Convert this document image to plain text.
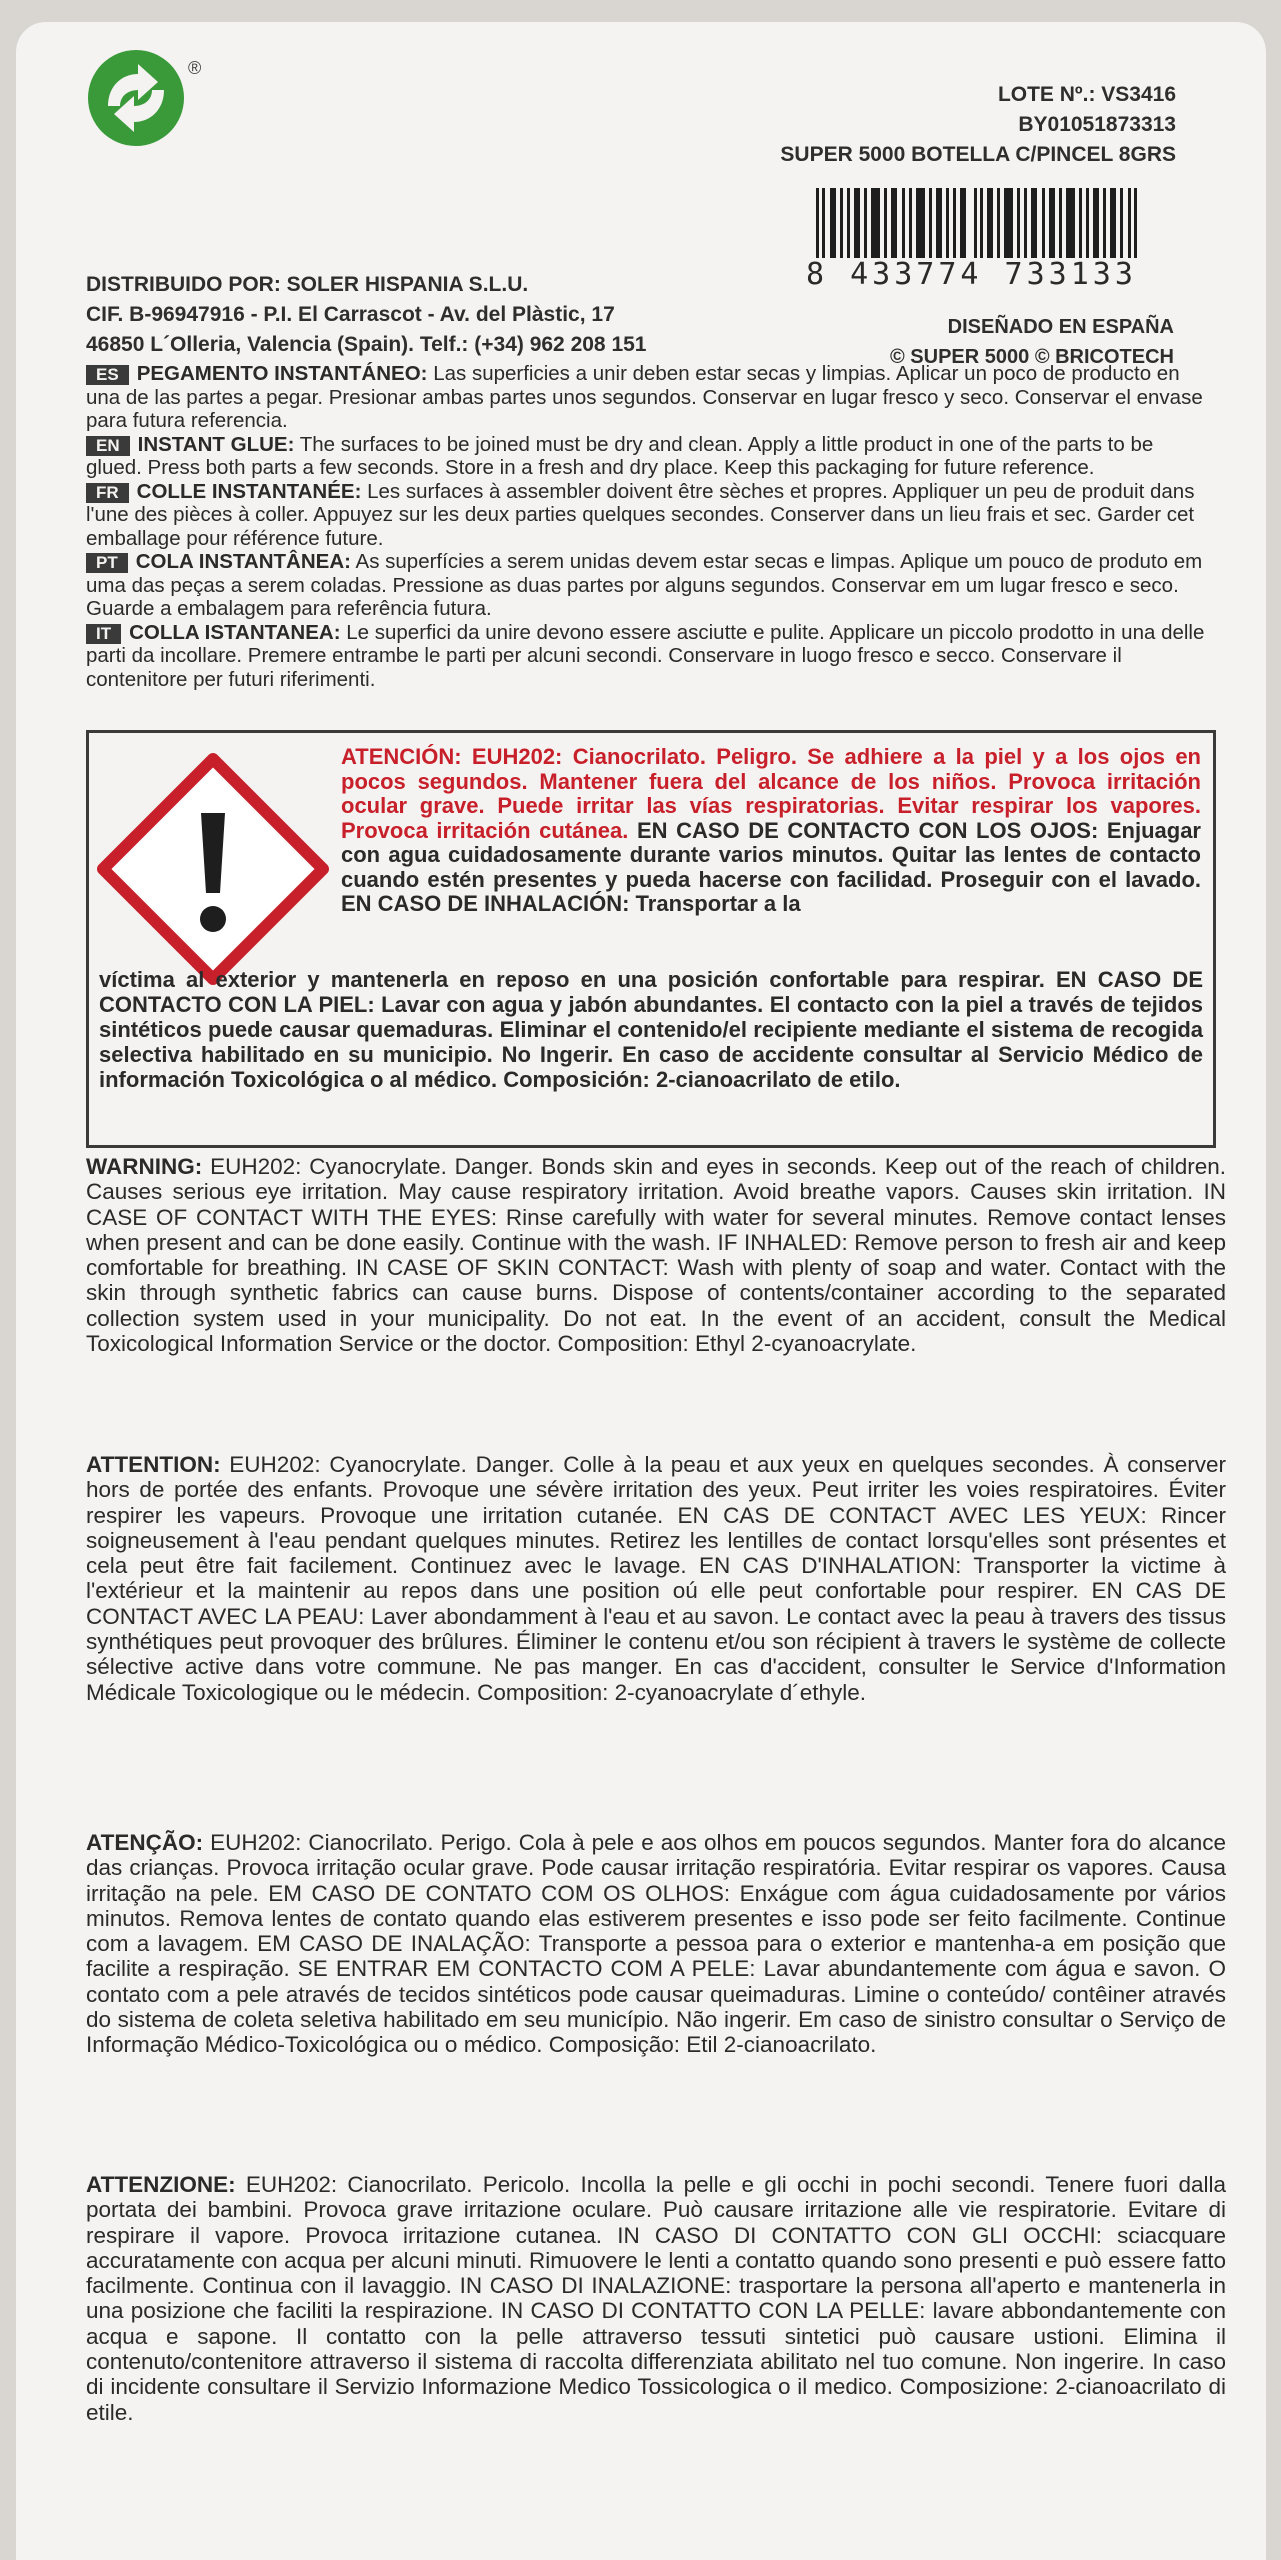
®
LOTE Nº.: VS3416
BY01051873313
SUPER 5000 BOTELLA C/PINCEL 8GRS
8 433774 733133
DISTRIBUIDO POR: SOLER HISPANIA S.L.U.
CIF. B-96947916 - P.I. El Carrascot - Av. del Plàstic, 17
46850 L´Olleria, Valencia (Spain). Telf.: (+34) 962 208 151
DISEÑADO EN ESPAÑA
© SUPER 5000 © BRICOTECH

ES PEGAMENTO INSTANTÁNEO: Las superficies a unir deben estar secas y limpias. Aplicar un poco de producto en una de las partes a pegar. Presionar ambas partes unos segundos. Conservar en lugar fresco y seco. Conservar el envase para futura referencia.

EN INSTANT GLUE: The surfaces to be joined must be dry and clean. Apply a little product in one of the parts to be glued. Press both parts a few seconds. Store in a fresh and dry place. Keep this packaging for future reference.

FR COLLE INSTANTANÉE: Les surfaces à assembler doivent être sèches et propres. Appliquer un peu de produit dans l'une des pièces à coller. Appuyez sur les deux parties quelques secondes. Conserver dans un lieu frais et sec. Garder cet emballage pour référence future.

PT COLA INSTANTÂNEA: As superfícies a serem unidas devem estar secas e limpas. Aplique um pouco de produto em uma das peças a serem coladas. Pressione as duas partes por alguns segundos. Conservar em um lugar fresco e seco. Guarde a embalagem para referência futura.

IT COLLA ISTANTANEA: Le superfici da unire devono essere asciutte e pulite. Applicare un piccolo prodotto in una delle parti da incollare. Premere entrambe le parti per alcuni secondi. Conservare in luogo fresco e secco. Conservare il contenitore per futuri riferimenti.

ATENCIÓN: EUH202: Cianocrilato. Peligro. Se adhiere a la piel y a los ojos en pocos segundos. Mantener fuera del alcance de los niños. Provoca irritación ocular grave. Puede irritar las vías respiratorias. Evitar respirar los vapores. Provoca irritación cutánea. EN CASO DE CONTACTO CON LOS OJOS: Enjuagar con agua cuidadosamente durante varios minutos. Quitar las lentes de contacto cuando estén presentes y pueda hacerse con facilidad. Proseguir con el lavado. EN CASO DE INHALACIÓN: Transportar a la
víctima al exterior y mantenerla en reposo en una posición confortable para respirar. EN CASO DE CONTACTO CON LA PIEL: Lavar con agua y jabón abundantes. El contacto con la piel a través de tejidos sintéticos puede causar quemaduras. Eliminar el contenido/el recipiente mediante el sistema de recogida selectiva habilitado en su municipio. No Ingerir. En caso de accidente consultar al Servicio Médico de información Toxicológica o al médico. Composición: 2-cianoacrilato de etilo.
WARNING: EUH202: Cyanocrylate. Danger. Bonds skin and eyes in seconds. Keep out of the reach of children. Causes serious eye irritation. May cause respiratory irritation. Avoid breathe vapors. Causes skin irritation. IN CASE OF CONTACT WITH THE EYES: Rinse carefully with water for several minutes. Remove contact lenses when present and can be done easily. Continue with the wash. IF INHALED: Remove person to fresh air and keep comfortable for breathing. IN CASE OF SKIN CONTACT: Wash with plenty of soap and water. Contact with the skin through synthetic fabrics can cause burns. Dispose of contents/container according to the separated collection system used in your municipality. Do not eat. In the event of an accident, consult the Medical Toxicological Information Service or the doctor. Composition: Ethyl 2-cyanoacrylate.
ATTENTION: EUH202: Cyanocrylate. Danger. Colle à la peau et aux yeux en quelques secondes. À conserver hors de portée des enfants. Provoque une sévère irritation des yeux. Peut irriter les voies respiratoires. Éviter respirer les vapeurs. Provoque une irritation cutanée. EN CAS DE CONTACT AVEC LES YEUX: Rincer soigneusement à l'eau pendant quelques minutes. Retirez les lentilles de contact lorsqu'elles sont présentes et cela peut être fait facilement. Continuez avec le lavage. EN CAS D'INHALATION: Transporter la victime à l'extérieur et la maintenir au repos dans une position oú elle peut confortable pour respirer. EN CAS DE CONTACT AVEC LA PEAU: Laver abondamment à l'eau et au savon. Le contact avec la peau à travers des tissus synthétiques peut provoquer des brûlures. Éliminer le contenu et/ou son récipient à travers le système de collecte sélective active dans votre commune. Ne pas manger. En cas d'accident, consulter le Service d'Information Médicale Toxicologique ou le médecin. Composition: 2-cyanoacrylate d´ethyle.
ATENÇÃO: EUH202: Cianocrilato. Perigo. Cola à pele e aos olhos em poucos segundos. Manter fora do alcance das crianças. Provoca irritação ocular grave. Pode causar irritação respiratória. Evitar respirar os vapores. Causa irritação na pele. EM CASO DE CONTATO COM OS OLHOS: Enxágue com água cuidadosamente por vários minutos. Remova lentes de contato quando elas estiverem presentes e isso pode ser feito facilmente. Continue com a lavagem. EM CASO DE INALAÇÃO: Transporte a pessoa para o exterior e mantenha-a em posição que facilite a respiração. SE ENTRAR EM CONTACTO COM A PELE: Lavar abundantemente com água e savon. O contato com a pele através de tecidos sintéticos pode causar queimaduras. Limine o conteúdo/ contêiner através do sistema de coleta seletiva habilitado em seu município. Não ingerir. Em caso de sinistro consultar o Serviço de Informação Médico-Toxicológica ou o médico. Composição: Etil 2-cianoacrilato.
ATTENZIONE: EUH202: Cianocrilato. Pericolo. Incolla la pelle e gli occhi in pochi secondi. Tenere fuori dalla portata dei bambini. Provoca grave irritazione oculare. Può causare irritazione alle vie respiratorie. Evitare di respirare il vapore. Provoca irritazione cutanea. IN CASO DI CONTATTO CON GLI OCCHI: sciacquare accuratamente con acqua per alcuni minuti. Rimuovere le lenti a contatto quando sono presenti e può essere fatto facilmente. Continua con il lavaggio. IN CASO DI INALAZIONE: trasportare la persona all'aperto e mantenerla in una posizione che faciliti la respirazione. IN CASO DI CONTATTO CON LA PELLE: lavare abbondantemente con acqua e sapone. Il contatto con la pelle attraverso tessuti sintetici può causare ustioni. Elimina il contenuto/contenitore attraverso il sistema di raccolta differenziata abilitato nel tuo comune. Non ingerire. In caso di incidente consultare il Servizio Informazione Medico Tossicologica o il medico. Composizione: 2-cianoacrilato di etile.
